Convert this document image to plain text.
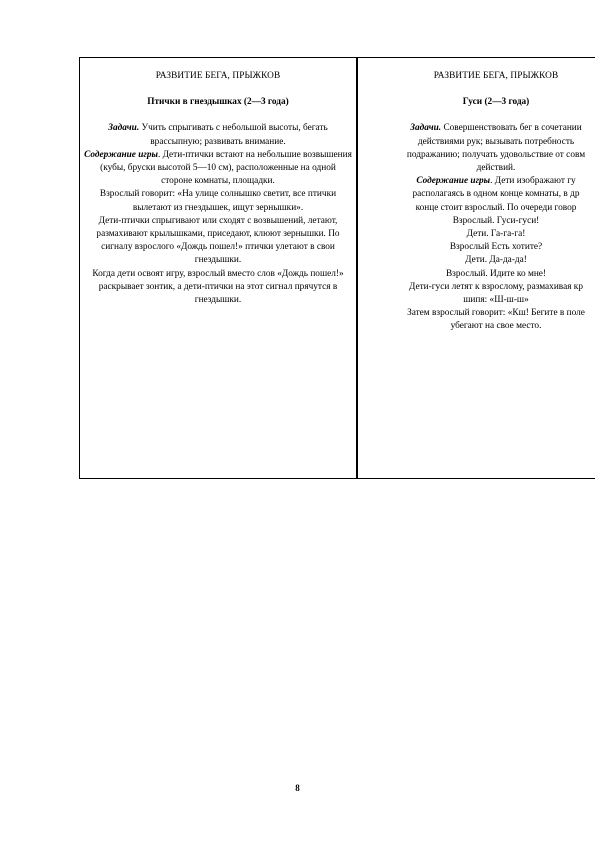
РАЗВИТИЕ БЕГА, ПРЫЖКОВ

Птички в гнездышках (2—3 года)

Задачи. Учить спрыгивать с небольшой высоты, бегать врассыпную; развивать внимание.

Содержание игры. Дети-птички встают на небольшие возвышения (кубы, бруски высотой 5—10 см), расположенные на одной стороне комнаты, площадки.

Взрослый говорит: «На улице солнышко светит, все птички вылетают из гнездышек, ищут зернышки».

Дети-птички спрыгивают или сходят с возвышений, летают, размахивают крылышками, приседают, клюют зернышки. По сигналу взрослого «Дождь пошел!» птички улетают в свои гнездышки.

Когда дети освоят игру, взрослый вместо слов «Дождь пошел!» раскрывает зонтик, а дети-птички на этот сигнал прячутся в гнездышки.

РАЗВИТИЕ БЕГА, ПРЫЖКОВ

Гуси (2—3 года)

Задачи. Совершенствовать бег в сочетании

действиями рук; вызывать потребность

подражанию; получать удовольствие от совм

действий.

Содержание игры. Дети изображают гу

располагаясь в одном конце комнаты, в др

конце стоит взрослый. По очереди говор

Взрослый. Гуси-гуси!

Дети. Га-га-га!

Взрослый Есть хотите?

Дети. Да-да-да!

Взрослый. Идите ко мне!

Дети-гуси летят к взрослому, размахивая кр

шипя: «Ш-ш-ш»

Затем взрослый говорит: «Кш! Бегите в поле

убегают на свое место.

8
